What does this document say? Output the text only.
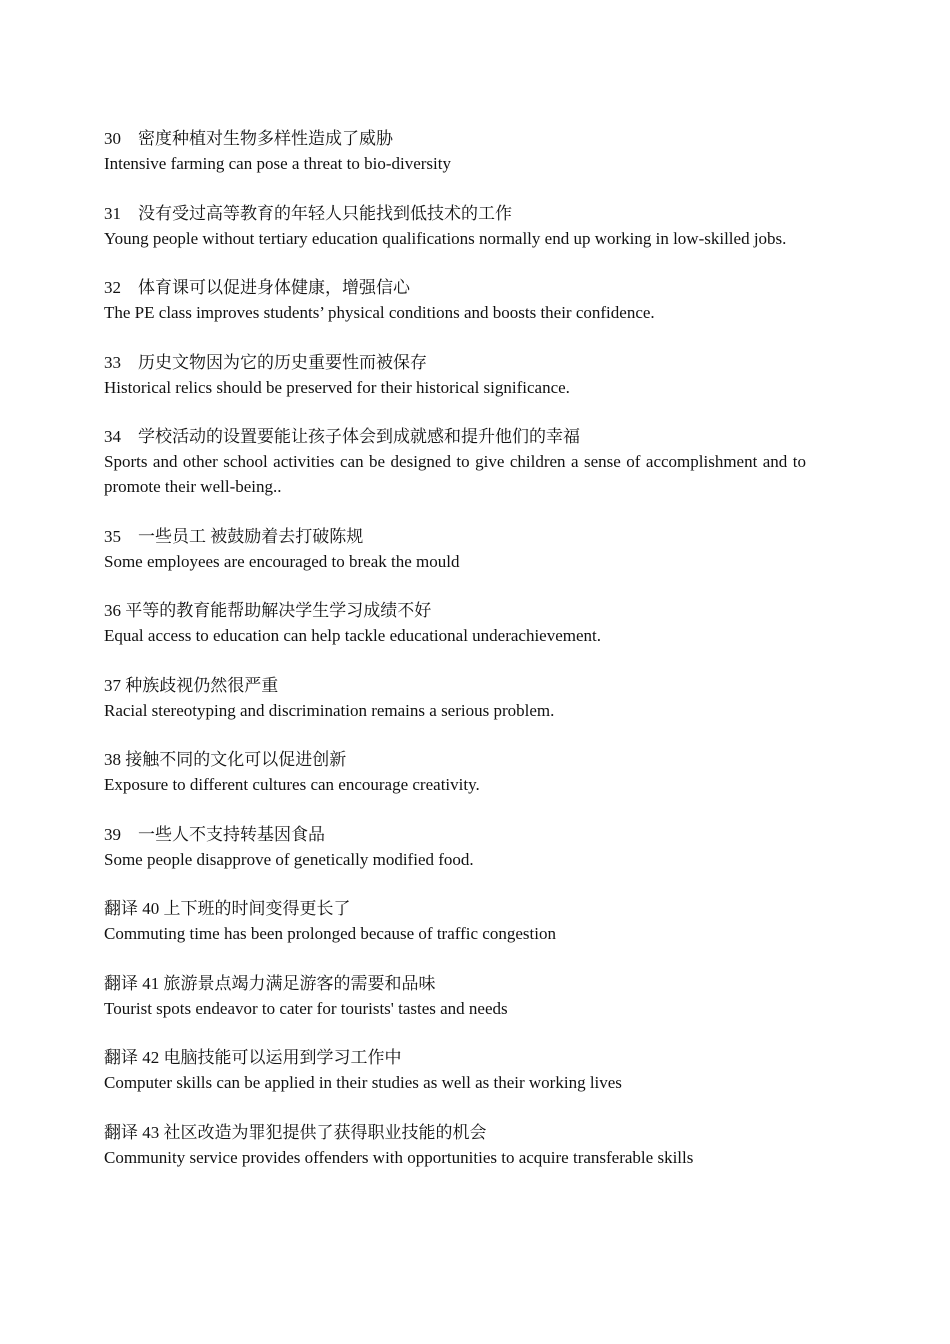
30　密度种植对生物多样性造成了威胁
Intensive farming can pose a threat to bio-diversity
31　没有受过高等教育的年轻人只能找到低技术的工作
Young people without tertiary education qualifications normally end up working in low-skilled jobs.
32　体育课可以促进身体健康，增强信心
The PE class improves students’ physical conditions and boosts their confidence.
33　历史文物因为它的历史重要性而被保存
Historical relics should be preserved for their historical significance.
34　学校活动的设置要能让孩子体会到成就感和提升他们的幸福
Sports and other school activities can be designed to give children a sense of accomplishment and to promote their well-being..
35　一些员工 被鼓励着去打破陈规
Some employees are encouraged to break the mould
36 平等的教育能帮助解决学生学习成绩不好
Equal access to education can help tackle educational underachievement.
37 种族歧视仍然很严重
Racial stereotyping and discrimination remains a serious problem.
38 接触不同的文化可以促进创新
Exposure to different cultures can encourage creativity.
39　一些人不支持转基因食品
Some people disapprove of genetically modified food.
翻译 40 上下班的时间变得更长了
Commuting time has been prolonged because of traffic congestion
翻译 41 旅游景点竭力满足游客的需要和品味
Tourist spots endeavor to cater for tourists' tastes and needs
翻译 42 电脑技能可以运用到学习工作中
Computer skills can be applied in their studies as well as their working lives
翻译 43 社区改造为罪犯提供了获得职业技能的机会
Community service provides offenders with opportunities to acquire transferable skills
